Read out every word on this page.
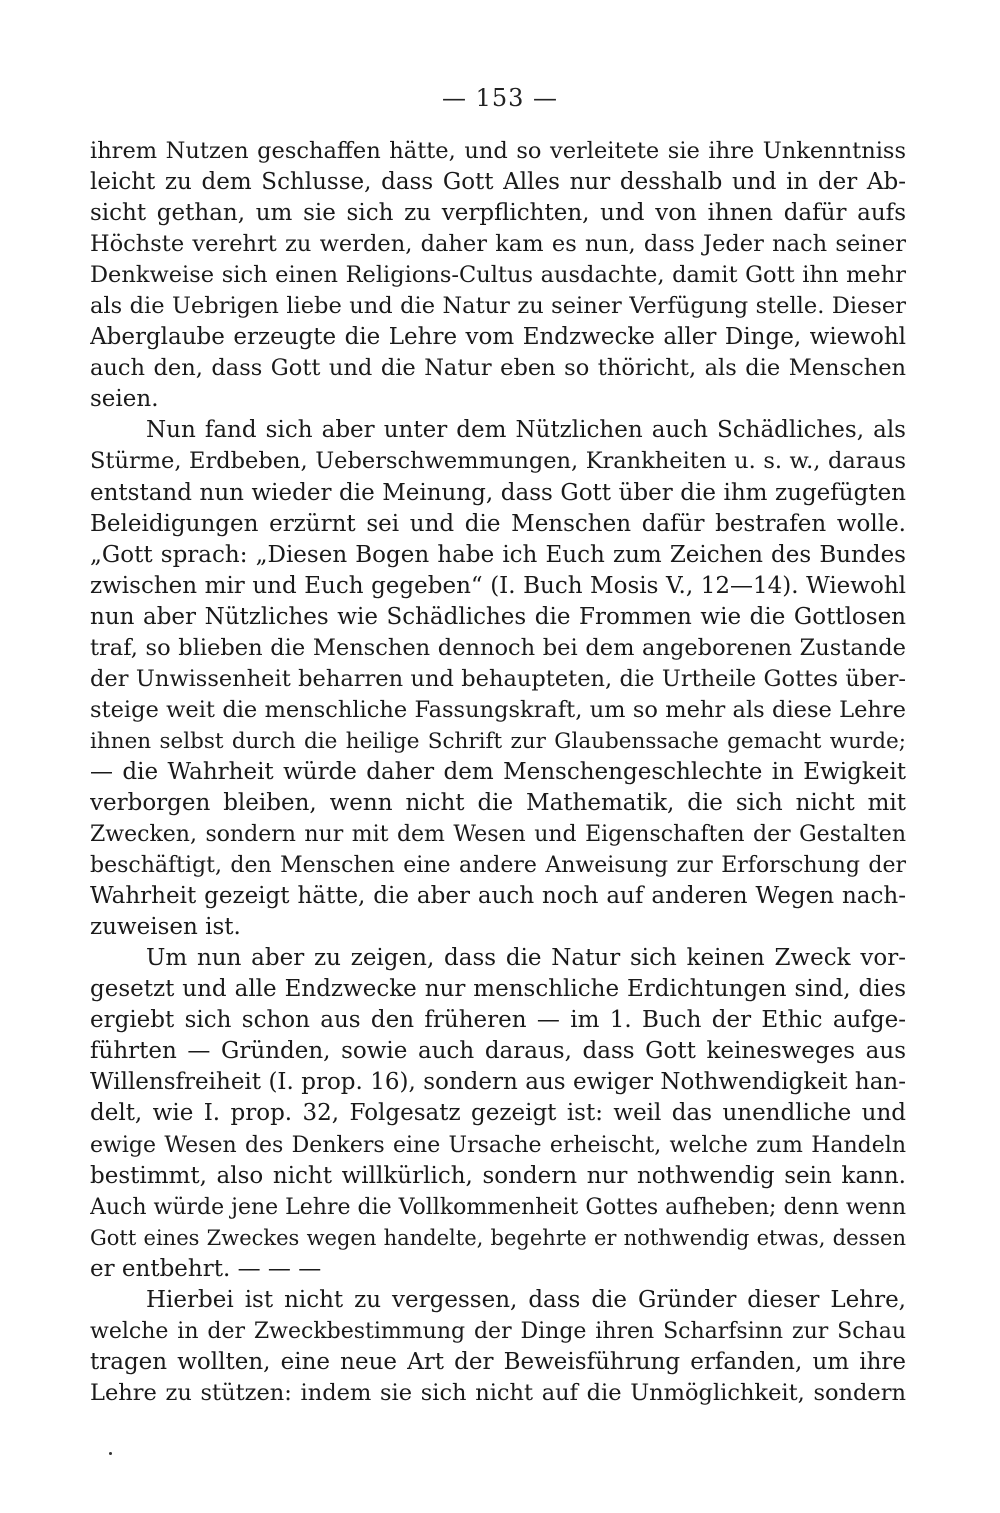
— 153 —
ihrem Nutzen geschaffen hätte, und so verleitete sie ihre Unkenntniss
leicht zu dem Schlusse, dass Gott Alles nur desshalb und in der Ab-
sicht gethan, um sie sich zu verpflichten, und von ihnen dafür aufs
Höchste verehrt zu werden, daher kam es nun, dass Jeder nach seiner
Denkweise sich einen Religions-Cultus ausdachte, damit Gott ihn mehr
als die Uebrigen liebe und die Natur zu seiner Verfügung stelle. Dieser
Aberglaube erzeugte die Lehre vom Endzwecke aller Dinge, wiewohl
auch den, dass Gott und die Natur eben so thöricht, als die Menschen
seien.
Nun fand sich aber unter dem Nützlichen auch Schädliches, als
Stürme, Erdbeben, Ueberschwemmungen, Krankheiten u. s. w., daraus
entstand nun wieder die Meinung, dass Gott über die ihm zugefügten
Beleidigungen erzürnt sei und die Menschen dafür bestrafen wolle.
„Gott sprach: „Diesen Bogen habe ich Euch zum Zeichen des Bundes
zwischen mir und Euch gegeben“ (I. Buch Mosis V., 12—14). Wiewohl
nun aber Nützliches wie Schädliches die Frommen wie die Gottlosen
traf, so blieben die Menschen dennoch bei dem angeborenen Zustande
der Unwissenheit beharren und behaupteten, die Urtheile Gottes über-
steige weit die menschliche Fassungskraft, um so mehr als diese Lehre
ihnen selbst durch die heilige Schrift zur Glaubenssache gemacht wurde;
— die Wahrheit würde daher dem Menschengeschlechte in Ewigkeit
verborgen bleiben, wenn nicht die Mathematik, die sich nicht mit
Zwecken, sondern nur mit dem Wesen und Eigenschaften der Gestalten
beschäftigt, den Menschen eine andere Anweisung zur Erforschung der
Wahrheit gezeigt hätte, die aber auch noch auf anderen Wegen nach-
zuweisen ist.
Um nun aber zu zeigen, dass die Natur sich keinen Zweck vor-
gesetzt und alle Endzwecke nur menschliche Erdichtungen sind, dies
ergiebt sich schon aus den früheren — im 1. Buch der Ethic aufge-
führten — Gründen, sowie auch daraus, dass Gott keinesweges aus
Willensfreiheit (I. prop. 16), sondern aus ewiger Nothwendigkeit han-
delt, wie I. prop. 32, Folgesatz gezeigt ist: weil das unendliche und
ewige Wesen des Denkers eine Ursache erheischt, welche zum Handeln
bestimmt, also nicht willkürlich, sondern nur nothwendig sein kann.
Auch würde jene Lehre die Vollkommenheit Gottes aufheben; denn wenn
Gott eines Zweckes wegen handelte, begehrte er nothwendig etwas, dessen
er entbehrt. — — —
Hierbei ist nicht zu vergessen, dass die Gründer dieser Lehre,
welche in der Zweckbestimmung der Dinge ihren Scharfsinn zur Schau
tragen wollten, eine neue Art der Beweisführung erfanden, um ihre
Lehre zu stützen: indem sie sich nicht auf die Unmöglichkeit, sondern
